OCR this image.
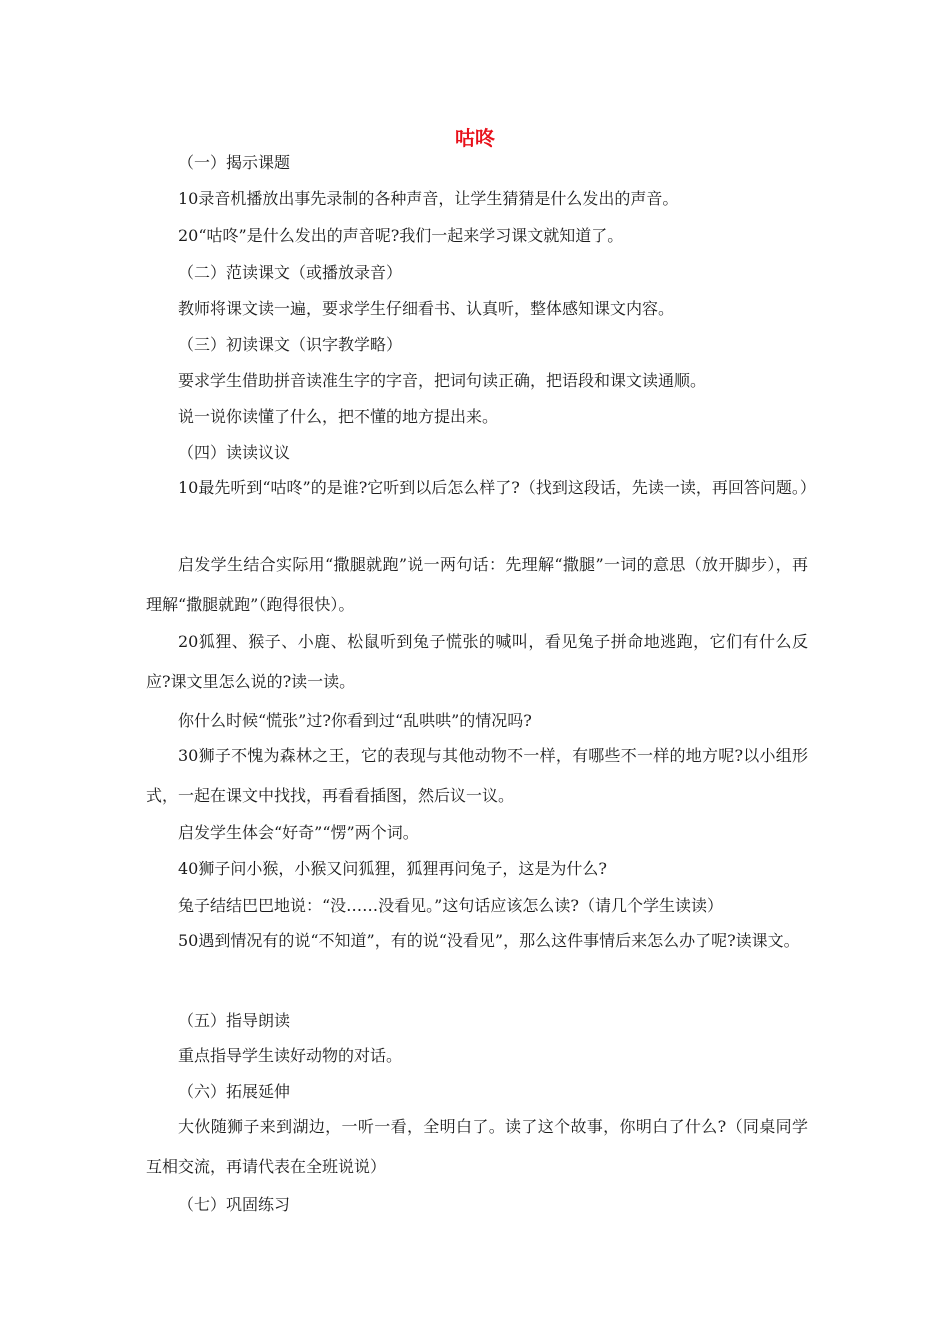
咕咚
（一）揭示课题
10录音机播放出事先录制的各种声音，让学生猜猜是什么发出的声音。
20“咕咚”是什么发出的声音呢?我们一起来学习课文就知道了。
（二）范读课文（或播放录音）
教师将课文读一遍，要求学生仔细看书、认真听，整体感知课文内容。
（三）初读课文（识字教学略）
要求学生借助拼音读准生字的字音，把词句读正确，把语段和课文读通顺。
说一说你读懂了什么，把不懂的地方提出来。
（四）读读议议
10最先听到“咕咚”的是谁?它听到以后怎么样了?（找到这段话，先读一读，再回答问题。）
启发学生结合实际用“撒腿就跑”说一两句话：先理解“撒腿”一词的意思（放开脚步），再理解“撒腿就跑”（跑得很快）。
20狐狸、猴子、小鹿、松鼠听到兔子慌张的喊叫，看见兔子拼命地逃跑，它们有什么反应?课文里怎么说的?读一读。
你什么时候“慌张”过?你看到过“乱哄哄”的情况吗?
30狮子不愧为森林之王，它的表现与其他动物不一样，有哪些不一样的地方呢?以小组形式，一起在课文中找找，再看看插图，然后议一议。
启发学生体会“好奇”“愣”两个词。
40狮子问小猴，小猴又问狐狸，狐狸再问兔子，这是为什么?
兔子结结巴巴地说：“没……没看见。”这句话应该怎么读?（请几个学生读读）
50遇到情况有的说“不知道”，有的说“没看见”，那么这件事情后来怎么办了呢?读课文。
（五）指导朗读
重点指导学生读好动物的对话。
（六）拓展延伸
大伙随狮子来到湖边，一听一看，全明白了。读了这个故事，你明白了什么?（同桌同学互相交流，再请代表在全班说说）
（七）巩固练习
